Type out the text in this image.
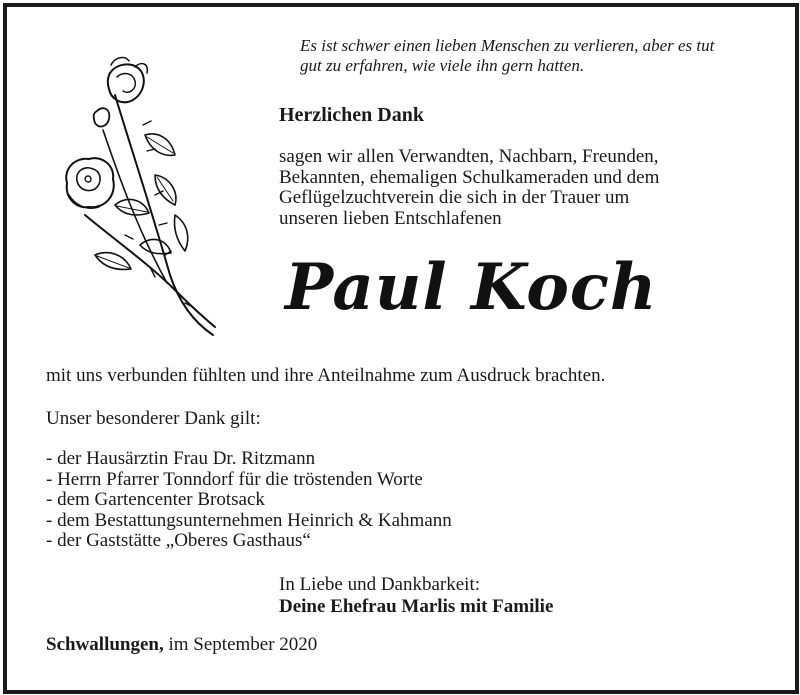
Es ist schwer einen lieben Menschen zu verlieren, aber es tut
gut zu erfahren, wie viele ihn gern hatten.
Herzlichen Dank
sagen wir allen Verwandten, Nachbarn, Freunden,
Bekannten, ehemaligen Schulkameraden und dem
Geflügelzuchtverein die sich in der Trauer um
unseren lieben Entschlafenen
Paul Koch
mit uns verbunden fühlten und ihre Anteilnahme zum Ausdruck brachten.
Unser besonderer Dank gilt:
- der Hausärztin Frau Dr. Ritzmann
- Herrn Pfarrer Tonndorf für die tröstenden Worte
- dem Gartencenter Brotsack
- dem Bestattungsunternehmen Heinrich & Kahmann
- der Gaststätte „Oberes Gasthaus“
In Liebe und Dankbarkeit:
Deine Ehefrau Marlis mit Familie
Schwallungen, im September 2020
